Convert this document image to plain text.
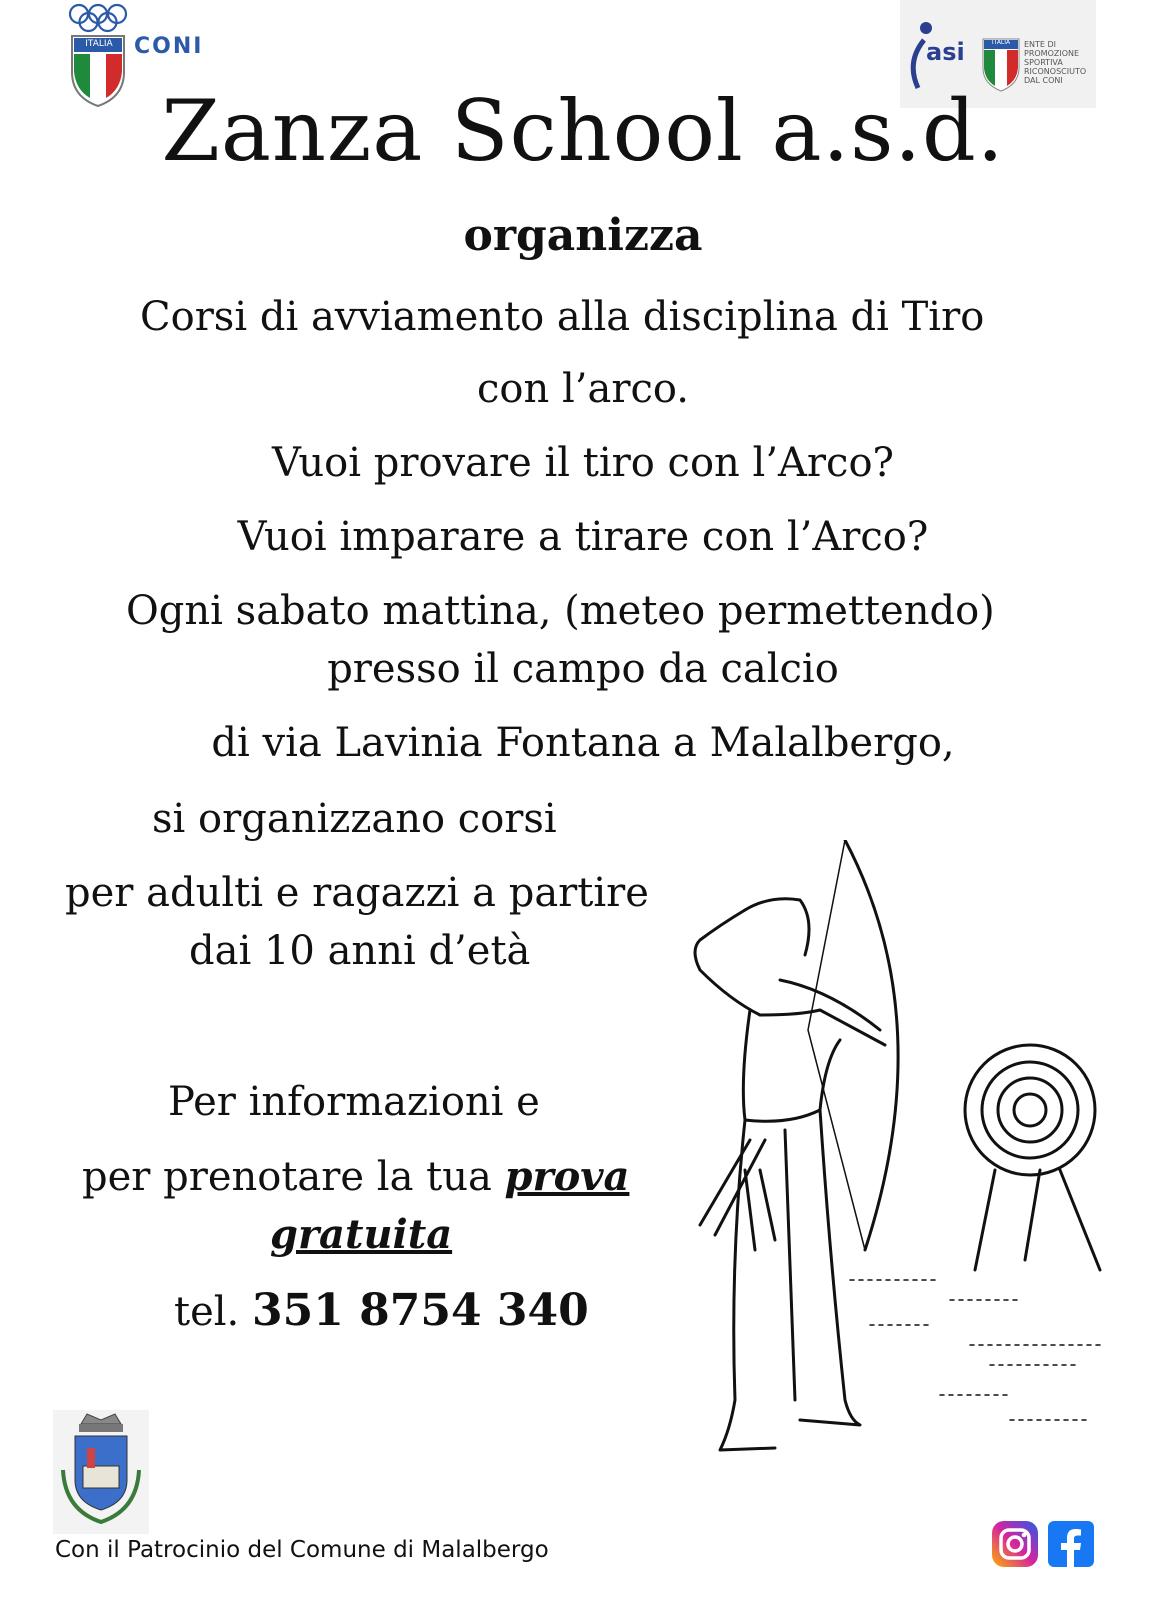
ITALIA CONI	asi	ITALIA	ENTE DI PROMOZIONE
SPORTIVA
RICONOSCIUTO
DAL CONI
Zanza School a.s.d.
organizza
Corsi di avviamento alla disciplina di Tiro
con l’arco.
Vuoi provare il tiro con l’Arco?
Vuoi imparare a tirare con l’Arco?
Ogni sabato mattina, (meteo permettendo)
presso il campo da calcio
di via Lavinia Fontana a Malalbergo,
si organizzano corsi
per adulti e ragazzi a partire
dai 10 anni d’età
Per informazioni e
per prenotare la tua prova
gratuita
tel. 351 8754 340
Con il Patrocinio del Comune di Malalbergo
